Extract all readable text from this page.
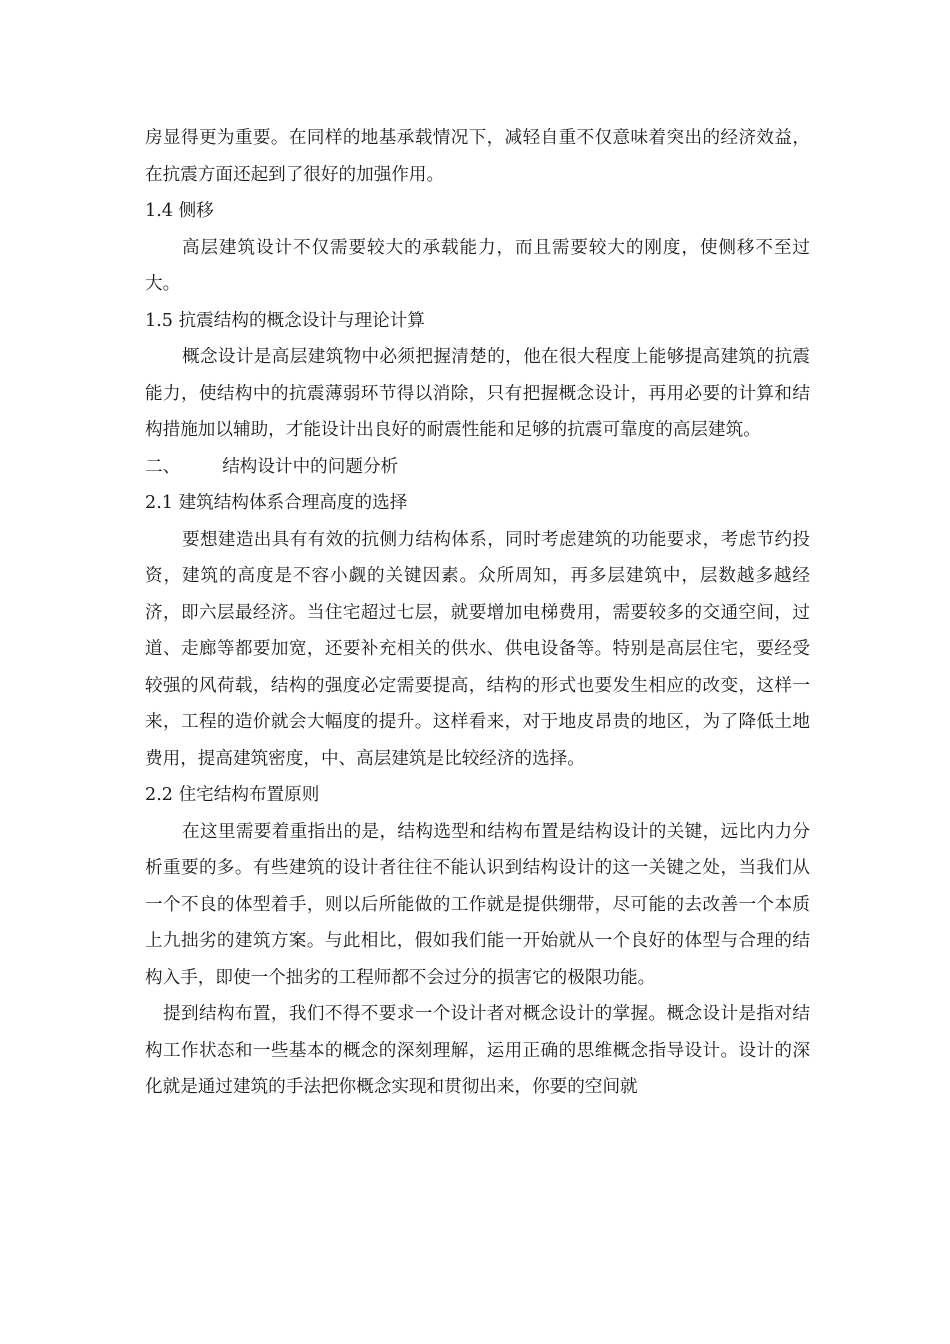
房显得更为重要。在同样的地基承载情况下，减轻自重不仅意味着突出的经济效益，在抗震方面还起到了很好的加强作用。

1.4 侧移

高层建筑设计不仅需要较大的承载能力，而且需要较大的刚度，使侧移不至过大。

1.5 抗震结构的概念设计与理论计算

概念设计是高层建筑物中必须把握清楚的，他在很大程度上能够提高建筑的抗震能力，使结构中的抗震薄弱环节得以消除，只有把握概念设计，再用必要的计算和结构措施加以辅助，才能设计出良好的耐震性能和足够的抗震可靠度的高层建筑。

二、 结构设计中的问题分析

2.1 建筑结构体系合理高度的选择

要想建造出具有有效的抗侧力结构体系，同时考虑建筑的功能要求，考虑节约投资，建筑的高度是不容小觑的关键因素。众所周知，再多层建筑中，层数越多越经济，即六层最经济。当住宅超过七层，就要增加电梯费用，需要较多的交通空间，过道、走廊等都要加宽，还要补充相关的供水、供电设备等。特别是高层住宅，要经受较强的风荷载，结构的强度必定需要提高，结构的形式也要发生相应的改变，这样一来，工程的造价就会大幅度的提升。这样看来，对于地皮昂贵的地区，为了降低土地费用，提高建筑密度，中、高层建筑是比较经济的选择。

2.2 住宅结构布置原则

在这里需要着重指出的是，结构选型和结构布置是结构设计的关键，远比内力分析重要的多。有些建筑的设计者往往不能认识到结构设计的这一关键之处，当我们从一个不良的体型着手，则以后所能做的工作就是提供绷带，尽可能的去改善一个本质上九拙劣的建筑方案。与此相比，假如我们能一开始就从一个良好的体型与合理的结构入手，即使一个拙劣的工程师都不会过分的损害它的极限功能。

提到结构布置，我们不得不要求一个设计者对概念设计的掌握。概念设计是指对结构工作状态和一些基本的概念的深刻理解，运用正确的思维概念指导设计。设计的深化就是通过建筑的手法把你概念实现和贯彻出来，你要的空间就
